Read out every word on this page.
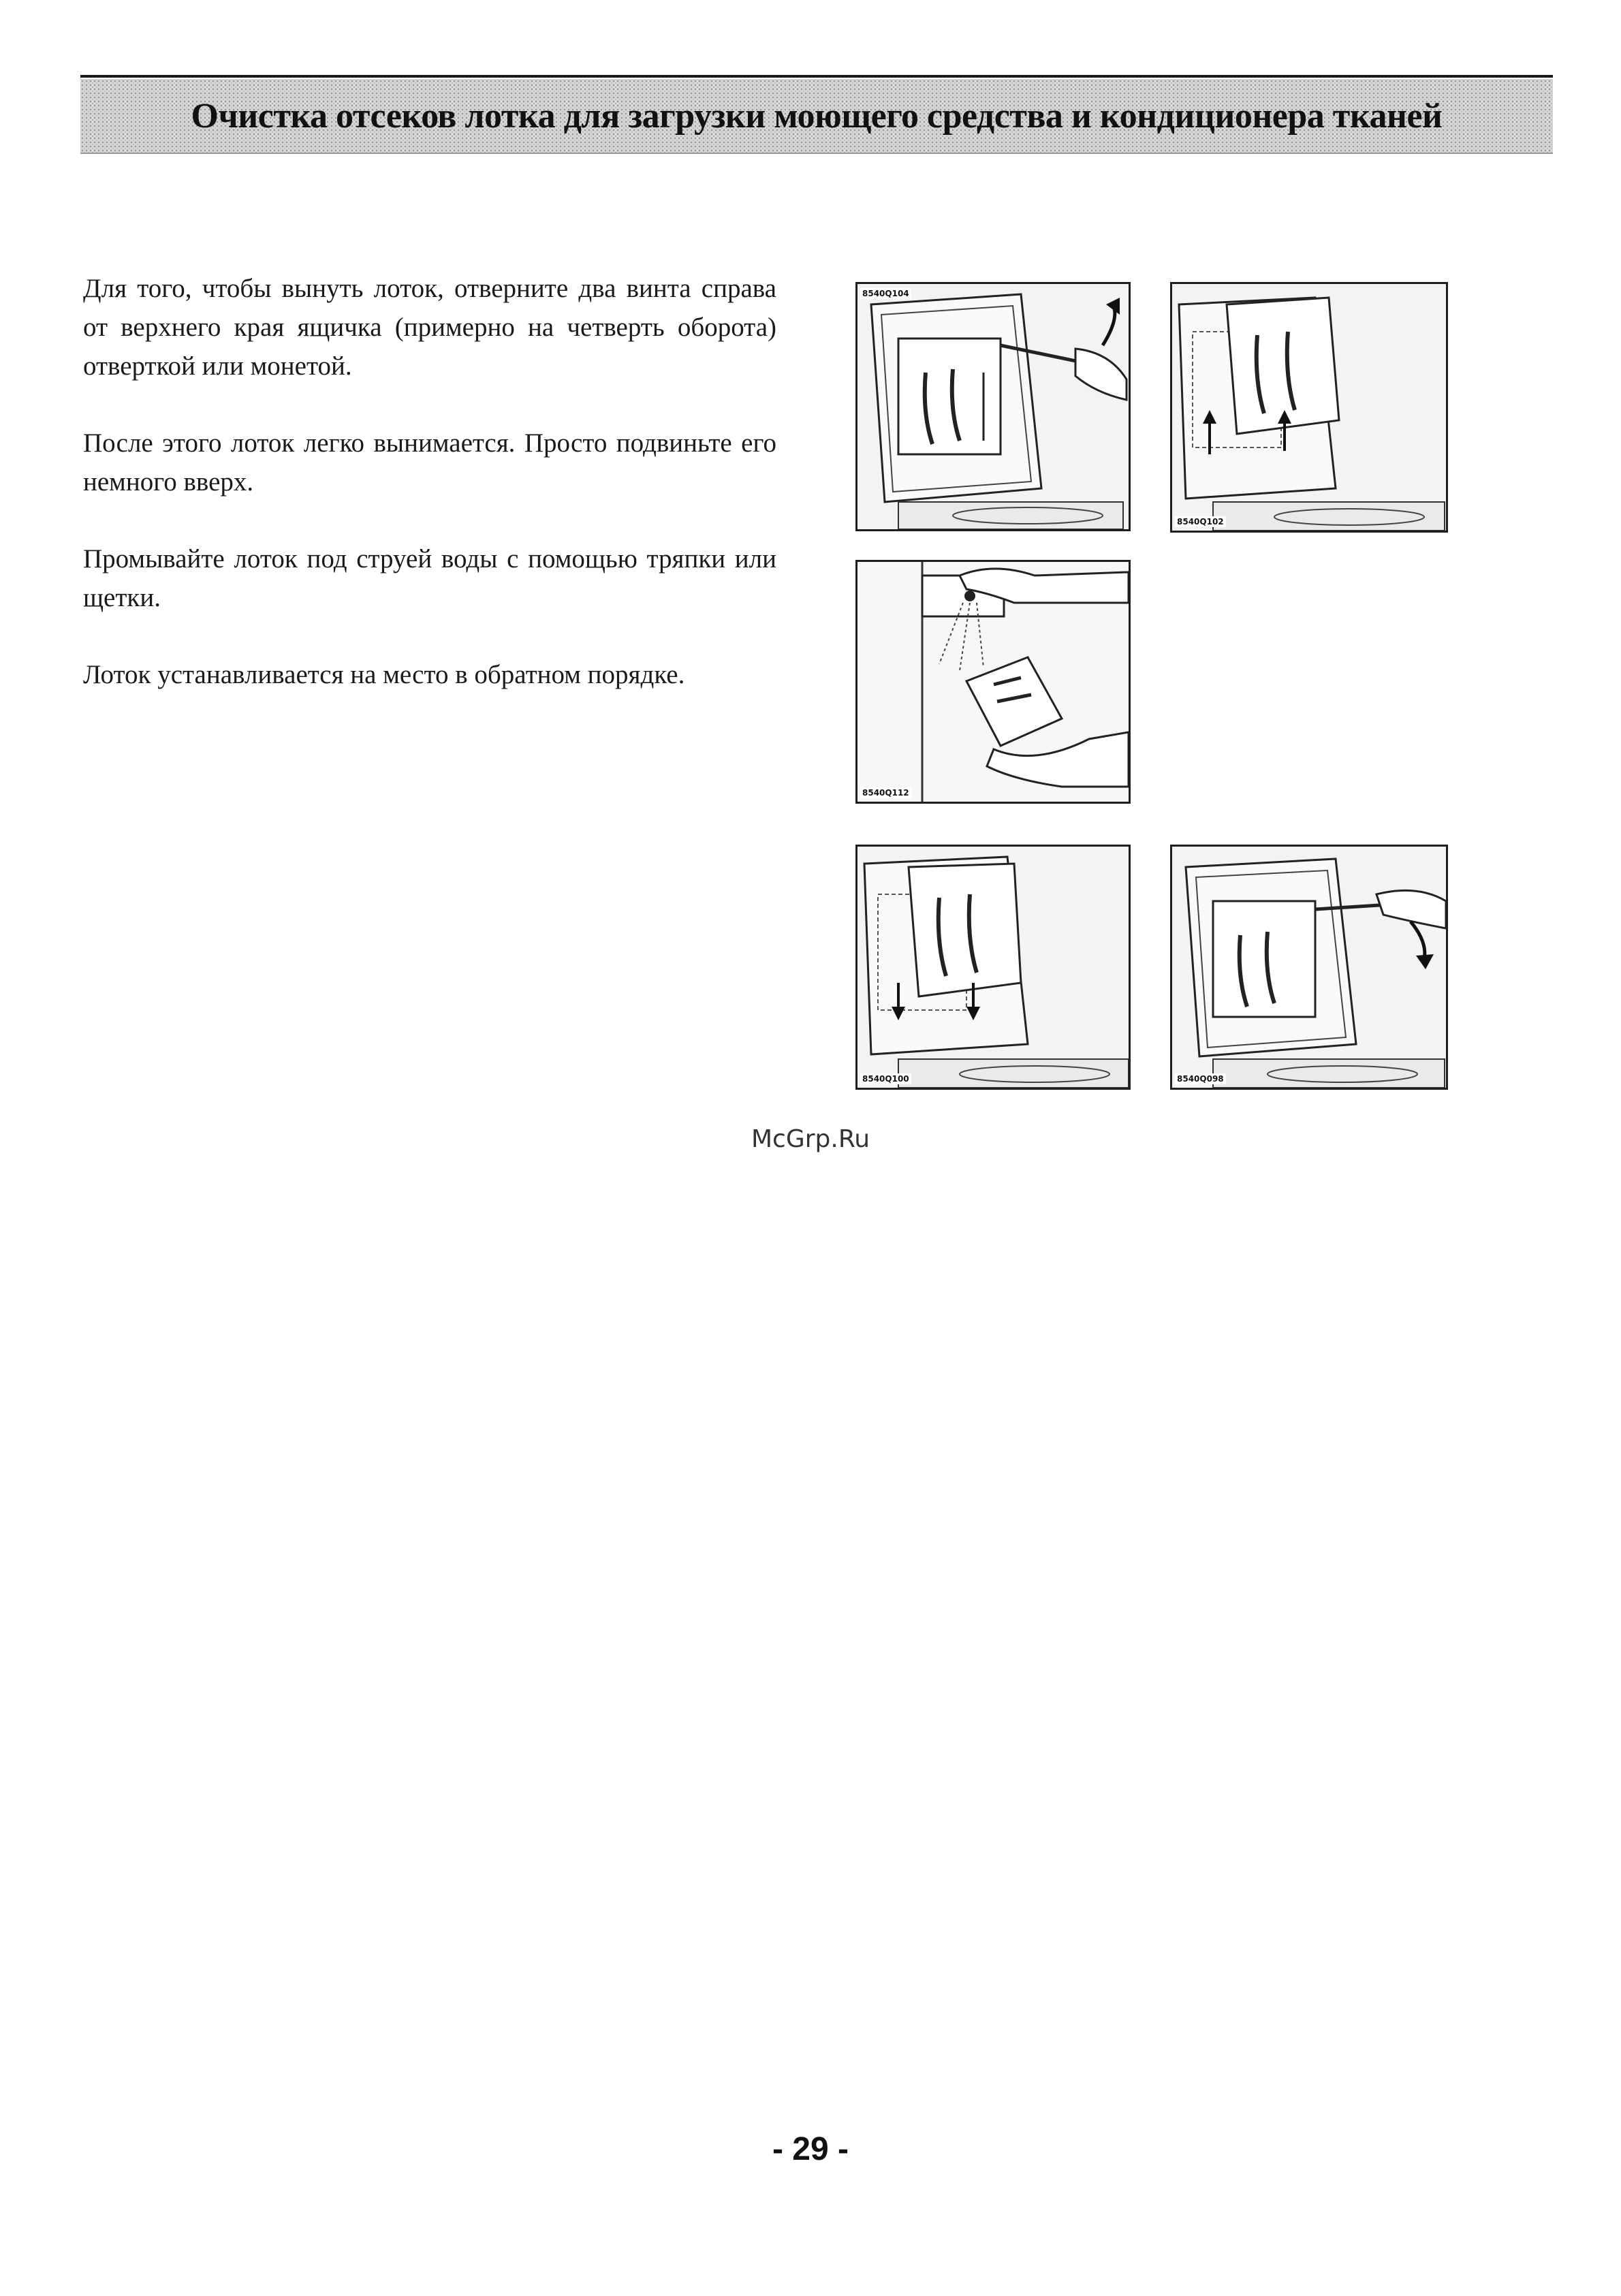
Очистка отсеков лотка для загрузки моющего средства и кондиционера тканей

Для того, чтобы вынуть лоток, отверните два винта справа от верхнего края ящичка (примерно на четверть оборота) отверткой или монетой.

После этого лоток легко вынимается. Просто подвиньте его немного вверх.

Промывайте лоток под струей воды с помощью тряпки или щетки.

Лоток устанавливается на место в обратном порядке.

8540Q104
8540Q102
8540Q112
8540Q100	8540Q098
McGrp.Ru
- 29 -
